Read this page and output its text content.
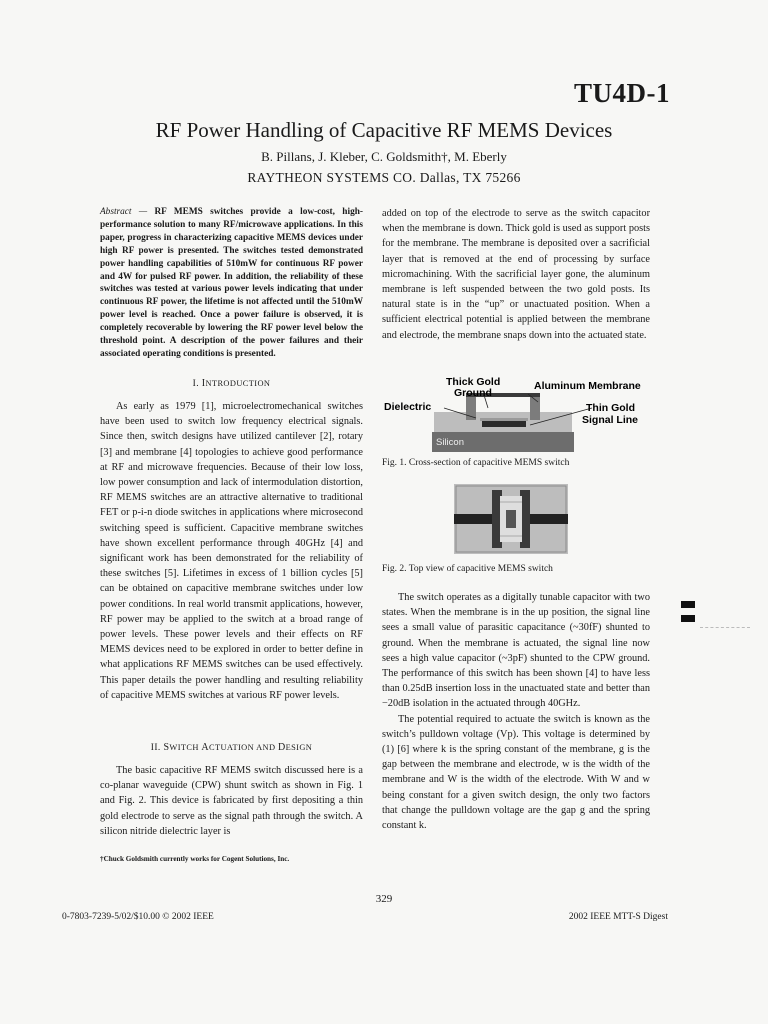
TU4D-1
RF Power Handling of Capacitive RF MEMS Devices
B. Pillans, J. Kleber, C. Goldsmith†, M. Eberly
RAYTHEON SYSTEMS CO. Dallas, TX 75266
Abstract — RF MEMS switches provide a low-cost, high-performance solution to many RF/microwave applications. In this paper, progress in characterizing capacitive MEMS devices under high RF power is presented. The switches tested demonstrated power handling capabilities of 510mW for continuous RF power and 4W for pulsed RF power. In addition, the reliability of these switches was tested at various power levels indicating that under continuous RF power, the lifetime is not affected until the 510mW power level is reached. Once a power failure is observed, it is completely recoverable by lowering the RF power level below the threshold point. A description of the power failures and their associated operating conditions is presented.
I. INTRODUCTION

As early as 1979 [1], microelectromechanical switches have been used to switch low frequency electrical signals. Since then, switch designs have utilized cantilever [2], rotary [3] and membrane [4] topologies to achieve good performance at RF and microwave frequencies. Because of their low loss, low power consumption and lack of intermodulation distortion, RF MEMS switches are an attractive alternative to traditional FET or p-i-n diode switches in applications where microsecond switching speed is sufficient. Capacitive membrane switches have shown excellent performance through 40GHz [4] and significant work has been demonstrated for the reliability of these switches [5]. Lifetimes in excess of 1 billion cycles [5] can be obtained on capacitive membrane switches under low power conditions. In real world transmit applications, however, RF power may be applied to the switch at a broad range of power levels. These power levels and their effects on RF MEMS devices need to be explored in order to better define in what applications RF MEMS switches can be used effectively. This paper details the power handling and resulting reliability of capacitive MEMS switches at various RF power levels.

II. SWITCH ACTUATION AND DESIGN

The basic capacitive RF MEMS switch discussed here is a co-planar waveguide (CPW) shunt switch as shown in Fig. 1 and Fig. 2. This device is fabricated by first depositing a thin gold electrode to serve as the signal path through the switch. A silicon nitride dielectric layer is

added on top of the electrode to serve as the switch capacitor when the membrane is down. Thick gold is used as support posts for the membrane. The membrane is deposited over a sacrificial layer that is removed at the end of processing by surface micromachining. With the sacrificial layer gone, the aluminum membrane is left suspended between the two gold posts. Its natural state is in the “up” or unactuated position. When a sufficient electrical potential is applied between the membrane and electrode, the membrane snaps down into the actuated state.

Thick Gold
Ground
Aluminum Membrane
Dielectric	Thin Gold
Signal Line
Silicon
Fig. 1. Cross-section of capacitive MEMS switch
Fig. 2. Top view of capacitive MEMS switch

The switch operates as a digitally tunable capacitor with two states. When the membrane is in the up position, the signal line sees a small value of parasitic capacitance (~30fF) shunted to ground. When the membrane is actuated, the signal line now sees a high value capacitor (~3pF) shunted to the CPW ground. The performance of this switch has been shown [4] to have less than 0.25dB insertion loss in the unactuated state and better than −20dB isolation in the actuated through 40GHz.

The potential required to actuate the switch is known as the switch’s pulldown voltage (Vp). This voltage is determined by (1) [6] where k is the spring constant of the membrane, g is the gap between the membrane and electrode, w is the width of the membrane and W is the width of the electrode. With W and w being constant for a given switch design, the only two factors that change the pulldown voltage are the gap g and the spring constant k.

†Chuck Goldsmith currently works for Cogent Solutions, Inc.
329
0-7803-7239-5/02/$10.00 © 2002 IEEE	2002 IEEE MTT-S Digest
